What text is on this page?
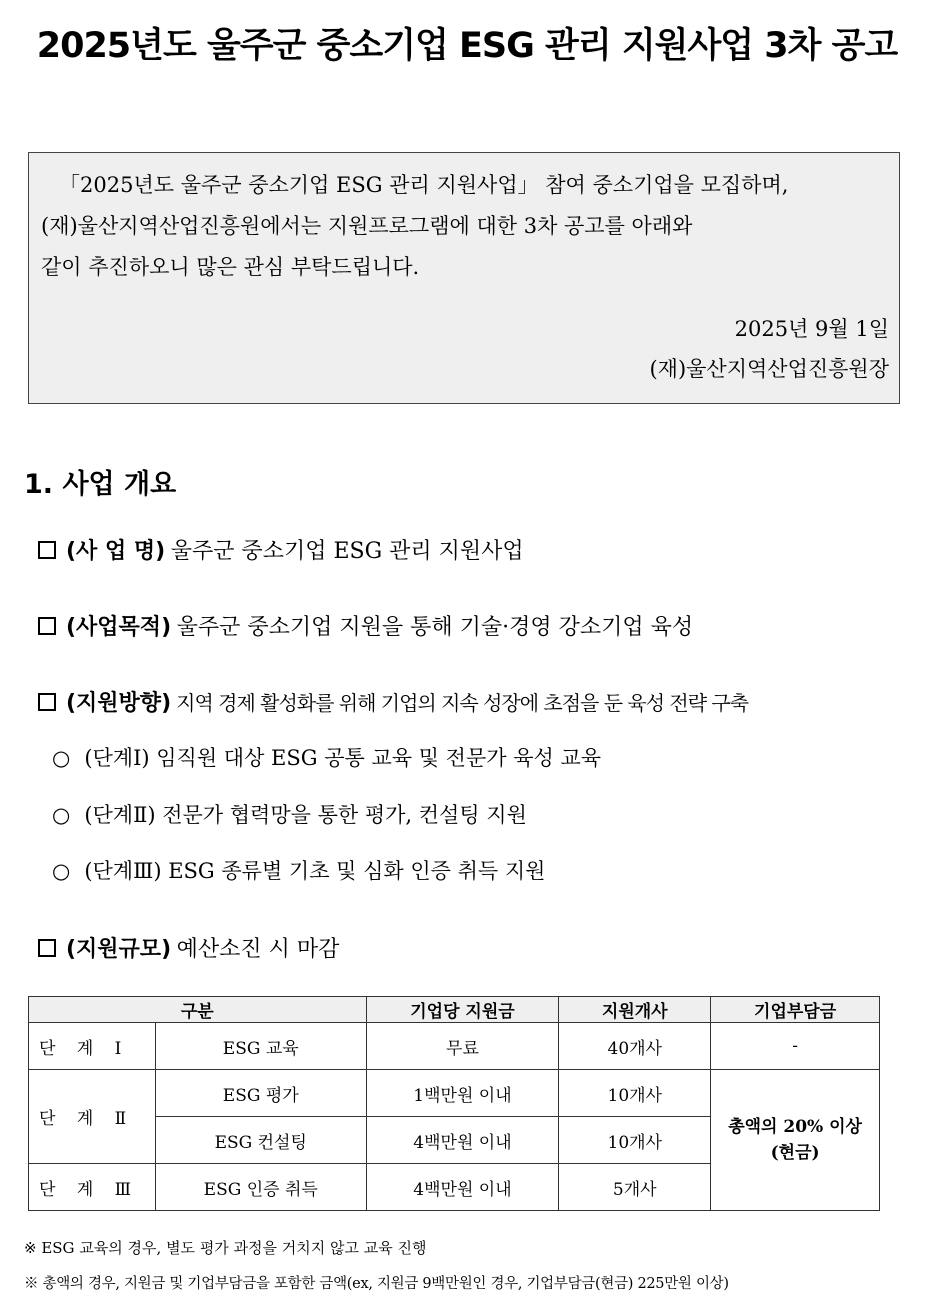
2025년도 울주군 중소기업 ESG 관리 지원사업 3차 공고
「2025년도 울주군 중소기업 ESG 관리 지원사업」 참여 중소기업을 모집하며,
(재)울산지역산업진흥원에서는 지원프로그램에 대한 3차 공고를 아래와
같이 추진하오니 많은 관심 부탁드립니다.
2025년 9월 1일
(재)울산지역산업진흥원장
1. 사업 개요
(사 업 명) 울주군 중소기업 ESG 관리 지원사업
(사업목적) 울주군 중소기업 지원을 통해 기술·경영 강소기업 육성
(지원방향) 지역 경제 활성화를 위해 기업의 지속 성장에 초점을 둔 육성 전략 구축
○ (단계Ⅰ) 임직원 대상 ESG 공통 교육 및 전문가 육성 교육
○ (단계Ⅱ) 전문가 협력망을 통한 평가, 컨설팅 지원
○ (단계Ⅲ) ESG 종류별 기초 및 심화 인증 취득 지원
(지원규모) 예산소진 시 마감
구분		기업당 지원금	지원개사	기업부담금
단 계 Ⅰ	ESG 교육	무료	40개사	-
단 계 Ⅱ	ESG 평가	1백만원 이내	10개사	총액의 20% 이상
(현금)

	ESG 컨설팅	4백만원 이내	10개사	
단 계 Ⅲ	ESG 인증 취득	4백만원 이내	5개사	
※ ESG 교육의 경우, 별도 평가 과정을 거치지 않고 교육 진행
※ 총액의 경우, 지원금 및 기업부담금을 포함한 금액(ex, 지원금 9백만원인 경우, 기업부담금(현금) 225만원 이상)
